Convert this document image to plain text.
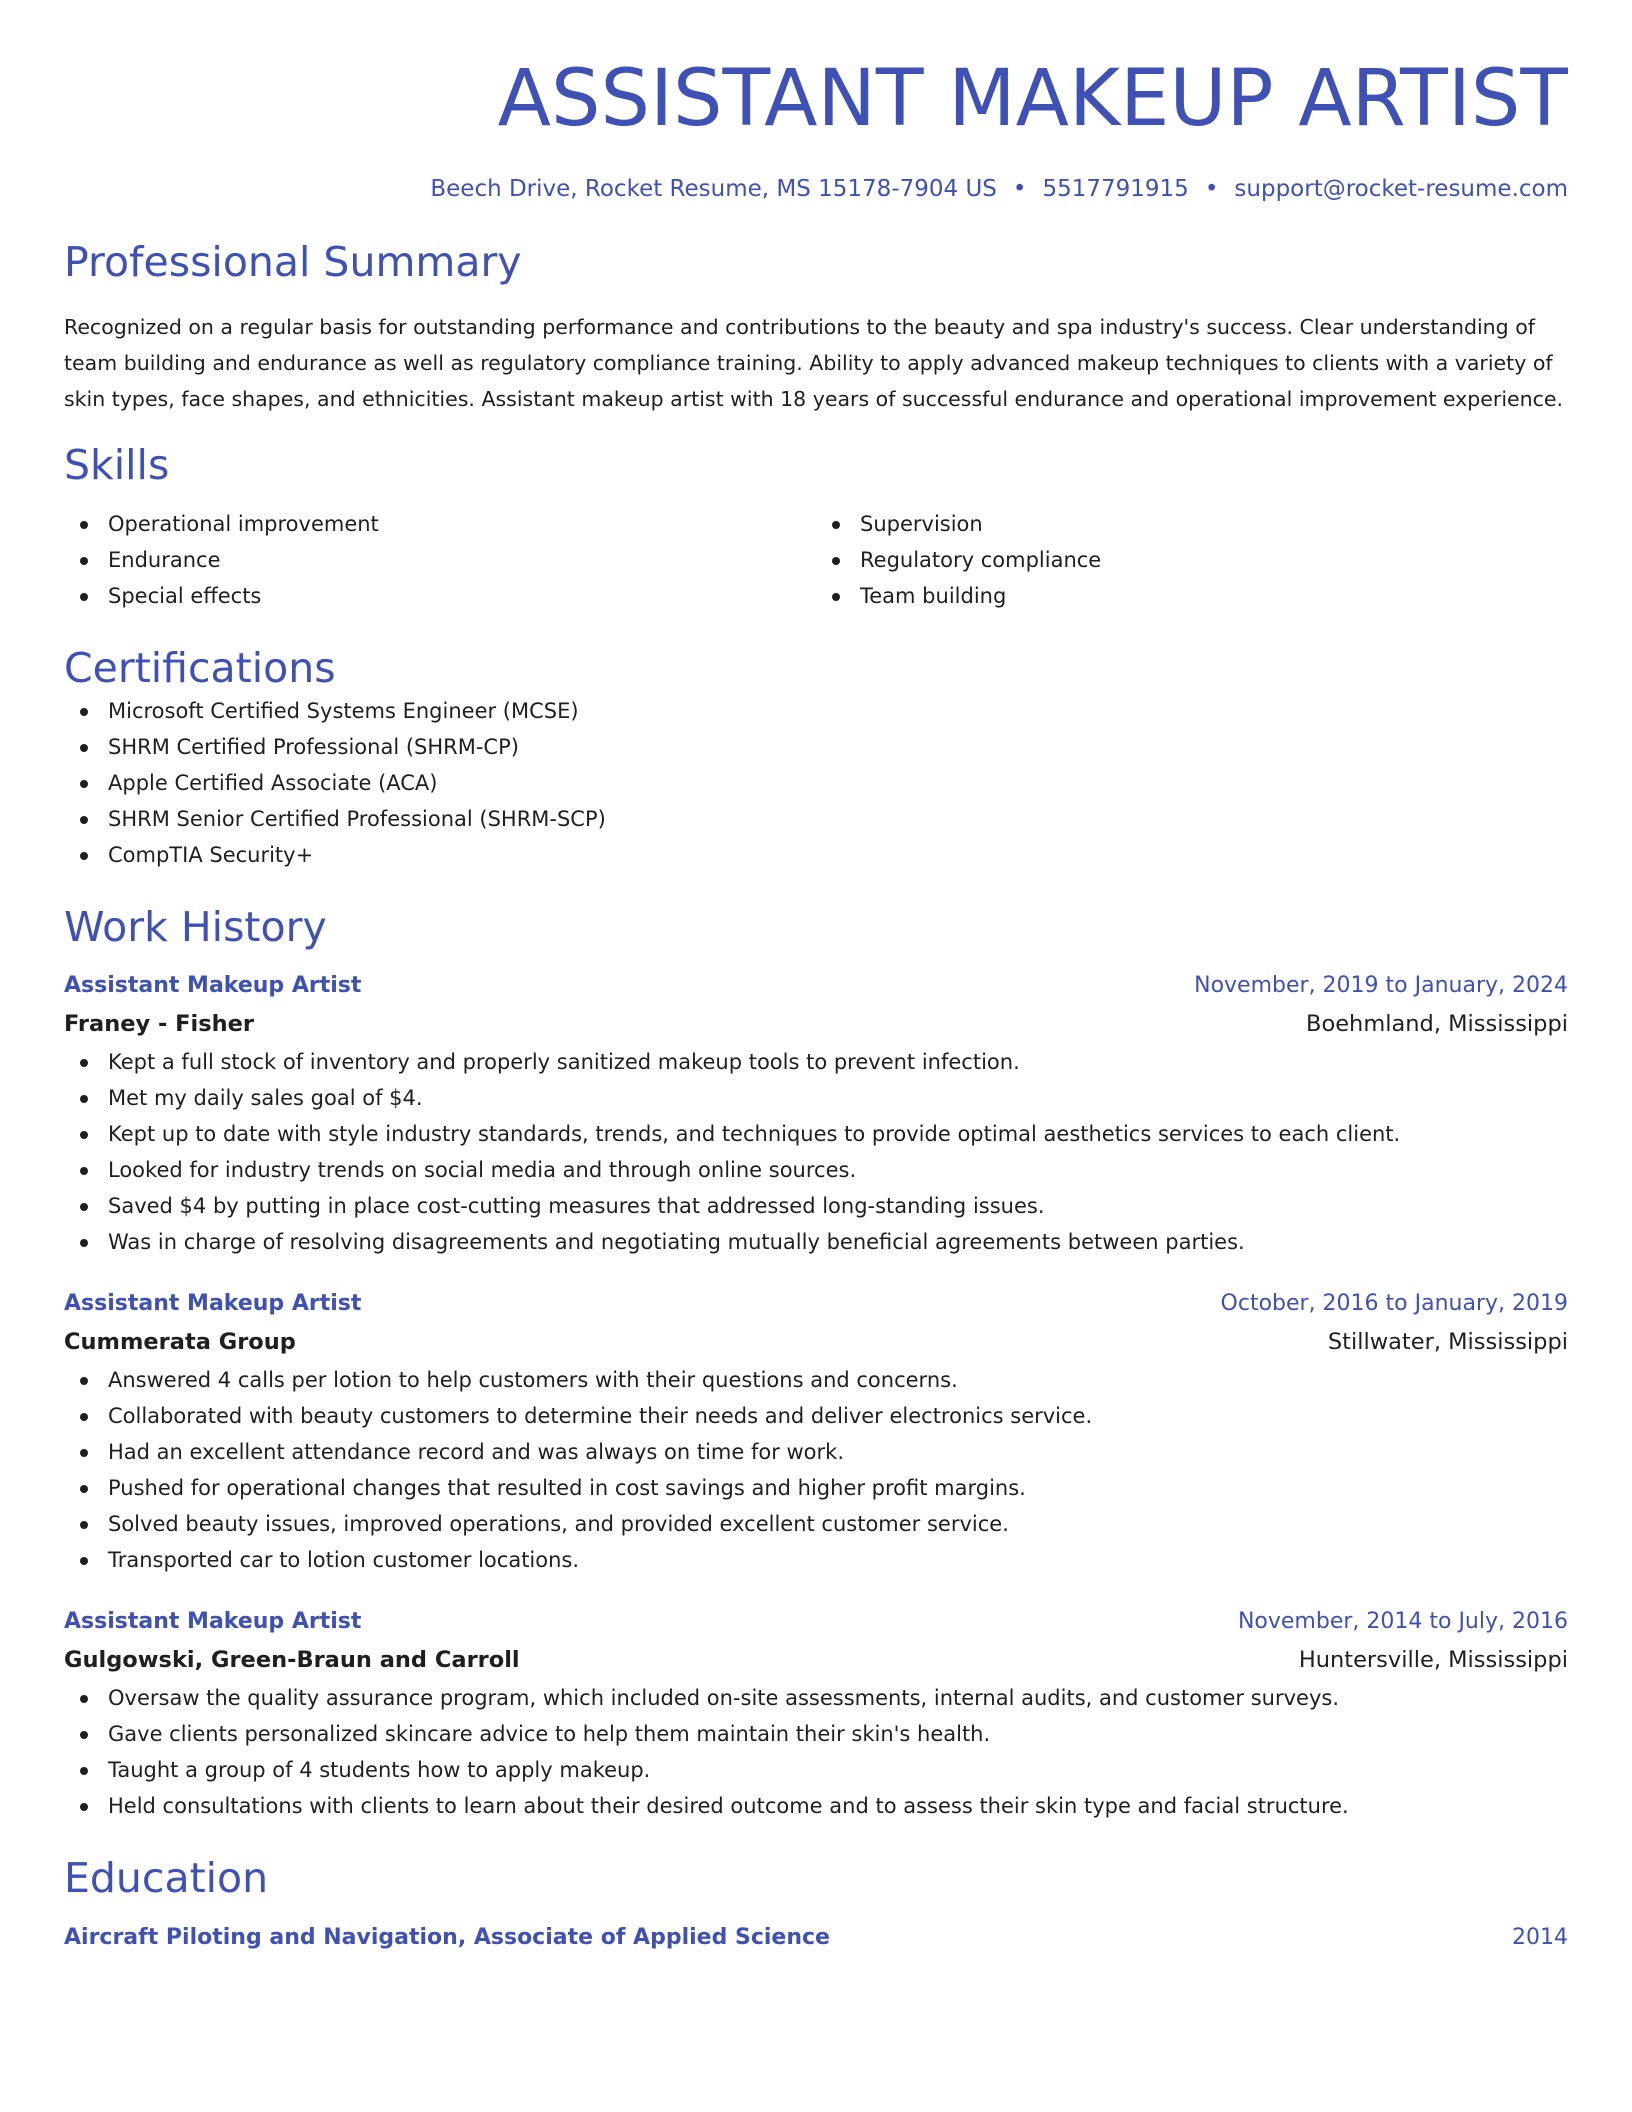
ASSISTANT MAKEUP ARTIST
Beech Drive, Rocket Resume, MS 15178-7904 US • 5517791915 • support@rocket-resume.com
Professional Summary
Recognized on a regular basis for outstanding performance and contributions to the beauty and spa industry's success. Clear understanding of team building and endurance as well as regulatory compliance training. Ability to apply advanced makeup techniques to clients with a variety of skin types, face shapes, and ethnicities. Assistant makeup artist with 18 years of successful endurance and operational improvement experience.
Skills
Operational improvement
Endurance
Special effects
Supervision
Regulatory compliance
Team building
Certifications
Microsoft Certified Systems Engineer (MCSE)
SHRM Certified Professional (SHRM-CP)
Apple Certified Associate (ACA)
SHRM Senior Certified Professional (SHRM-SCP)
CompTIA Security+
Work History
Assistant Makeup Artist	November, 2019 to January, 2024
Franey - Fisher	Boehmland, Mississippi
Kept a full stock of inventory and properly sanitized makeup tools to prevent infection.
Met my daily sales goal of $4.
Kept up to date with style industry standards, trends, and techniques to provide optimal aesthetics services to each client.
Looked for industry trends on social media and through online sources.
Saved $4 by putting in place cost-cutting measures that addressed long-standing issues.
Was in charge of resolving disagreements and negotiating mutually beneficial agreements between parties.
Assistant Makeup Artist	October, 2016 to January, 2019
Cummerata Group	Stillwater, Mississippi
Answered 4 calls per lotion to help customers with their questions and concerns.
Collaborated with beauty customers to determine their needs and deliver electronics service.
Had an excellent attendance record and was always on time for work.
Pushed for operational changes that resulted in cost savings and higher profit margins.
Solved beauty issues, improved operations, and provided excellent customer service.
Transported car to lotion customer locations.
Assistant Makeup Artist	November, 2014 to July, 2016
Gulgowski, Green-Braun and Carroll	Huntersville, Mississippi
Oversaw the quality assurance program, which included on-site assessments, internal audits, and customer surveys.
Gave clients personalized skincare advice to help them maintain their skin's health.
Taught a group of 4 students how to apply makeup.
Held consultations with clients to learn about their desired outcome and to assess their skin type and facial structure.
Education
Aircraft Piloting and Navigation, Associate of Applied Science	2014
